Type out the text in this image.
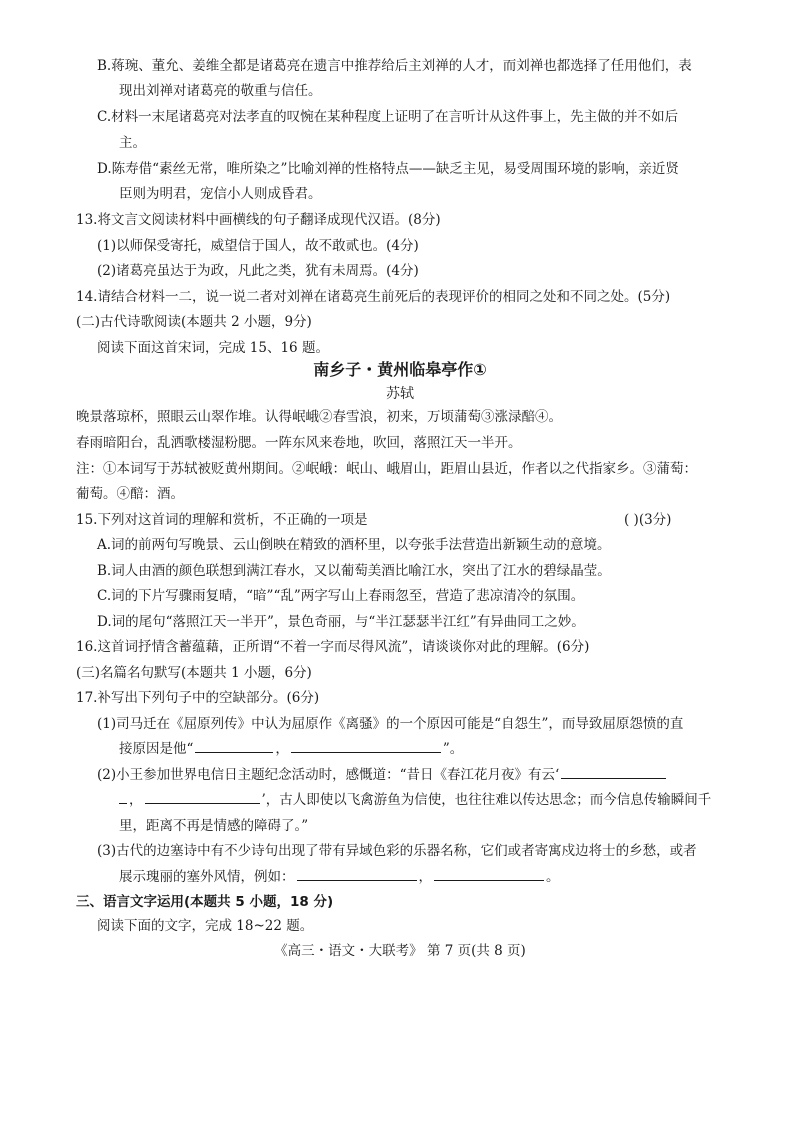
B.蒋琬、董允、姜维全都是诸葛亮在遗言中推荐给后主刘禅的人才，而刘禅也都选择了任用他们，表
现出刘禅对诸葛亮的敬重与信任。
C.材料一末尾诸葛亮对法孝直的叹惋在某种程度上证明了在言听计从这件事上，先主做的并不如后
主。
D.陈寿借“素丝无常，唯所染之”比喻刘禅的性格特点——缺乏主见，易受周围环境的影响，亲近贤
臣则为明君，宠信小人则成昏君。
13.将文言文阅读材料中画横线的句子翻译成现代汉语。(8分)
(1)以师保受寄托，威望信于国人，故不敢贰也。(4分)
(2)诸葛亮虽达于为政，凡此之类，犹有未周焉。(4分)
14.请结合材料一二，说一说二者对刘禅在诸葛亮生前死后的表现评价的相同之处和不同之处。(5分)
(二)古代诗歌阅读(本题共 2 小题，9分)
阅读下面这首宋词，完成 15、16 题。
南乡子・黄州临皋亭作①
苏轼
晚景落琼杯，照眼云山翠作堆。认得岷峨②春雪浪，初来，万顷蒲萄③涨渌醅④。
春雨暗阳台，乱洒歌楼湿粉腮。一阵东风来卷地，吹回，落照江天一半开。
注：①本词写于苏轼被贬黄州期间。②岷峨：岷山、峨眉山，距眉山县近，作者以之代指家乡。③蒲萄：
葡萄。④醅：酒。
15.下列对这首词的理解和赏析，不正确的一项是	( )(3分)
A.词的前两句写晚景、云山倒映在精致的酒杯里，以夸张手法营造出新颖生动的意境。
B.词人由酒的颜色联想到满江春水，又以葡萄美酒比喻江水，突出了江水的碧绿晶莹。
C.词的下片写骤雨复晴，“暗”“乱”两字写山上春雨忽至，营造了悲凉清冷的氛围。
D.词的尾句“落照江天一半开”，景色奇丽，与“半江瑟瑟半江红”有异曲同工之妙。
16.这首词抒情含蓄蕴藉，正所谓“不着一字而尽得风流”，请谈谈你对此的理解。(6分)
(三)名篇名句默写(本题共 1 小题，6分)
17.补写出下列句子中的空缺部分。(6分)
(1)司马迁在《屈原列传》中认为屈原作《离骚》的一个原因可能是“自怨生”，而导致屈原怨愤的直
接原因是他“	，	”。
(2)小王参加世界电信日主题纪念活动时，感慨道：“昔日《春江花月夜》有云‘
，	’，古人即使以飞禽游鱼为信使，也往往难以传达思念；而今信息传输瞬间千
里，距离不再是情感的障碍了。”
(3)古代的边塞诗中有不少诗句出现了带有异域色彩的乐器名称，它们或者寄寓戍边将士的乡愁，或者
展示瑰丽的塞外风情，例如：	，	。
三、语言文字运用(本题共 5 小题，18 分)
阅读下面的文字，完成 18~22 题。
《高三・语文・大联考》 第 7 页(共 8 页)
